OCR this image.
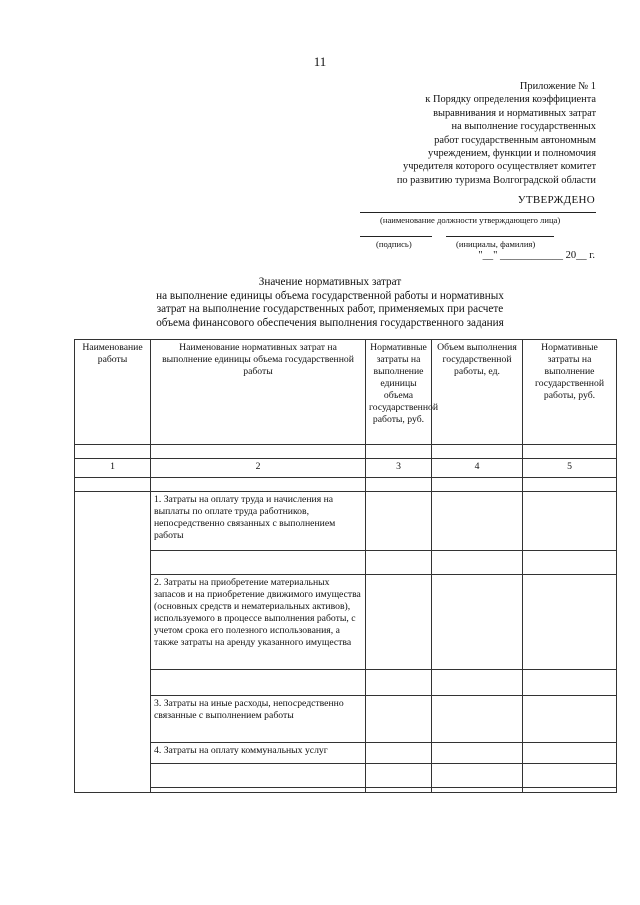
11
Приложение № 1
к Порядку определения коэффициента
выравнивания и нормативных затрат
на выполнение государственных
работ государственным автономным
учреждением, функции и полномочия
учредителя которого осуществляет комитет
по развитию туризма Волгоградской области
УТВЕРЖДЕНО
(наименование должности утверждающего лица)
(подпись)	(инициалы, фамилия)
"__" ____________ 20__ г.
Значение нормативных затрат
на выполнение единицы объема государственной работы и нормативных
затрат на выполнение государственных работ, применяемых при расчете
объема финансового обеспечения выполнения государственного задания
Наименование работы	Наименование нормативных затрат на выполнение единицы объема государственной работы	Нормативные затраты на выполнение единицы объема государственной работы, руб.	Объем выполнения государственной работы, ед.	Нормативные затраты на выполнение государственной работы, руб.

1	2	3	4	5

	1. Затраты на оплату труда и начисления на выплаты по оплате труда работников, непосредственно связанных с выполнением работы			

	2. Затраты на приобретение материальных запасов и на приобретение движимого имущества (основных средств и нематериальных активов), используемого в процессе выполнения работы, с учетом срока его полезного использования, а также затраты на аренду указанного имущества			

	3. Затраты на иные расходы, непосредственно связанные с выполнением работы			
	4. Затраты на оплату коммунальных услуг			
